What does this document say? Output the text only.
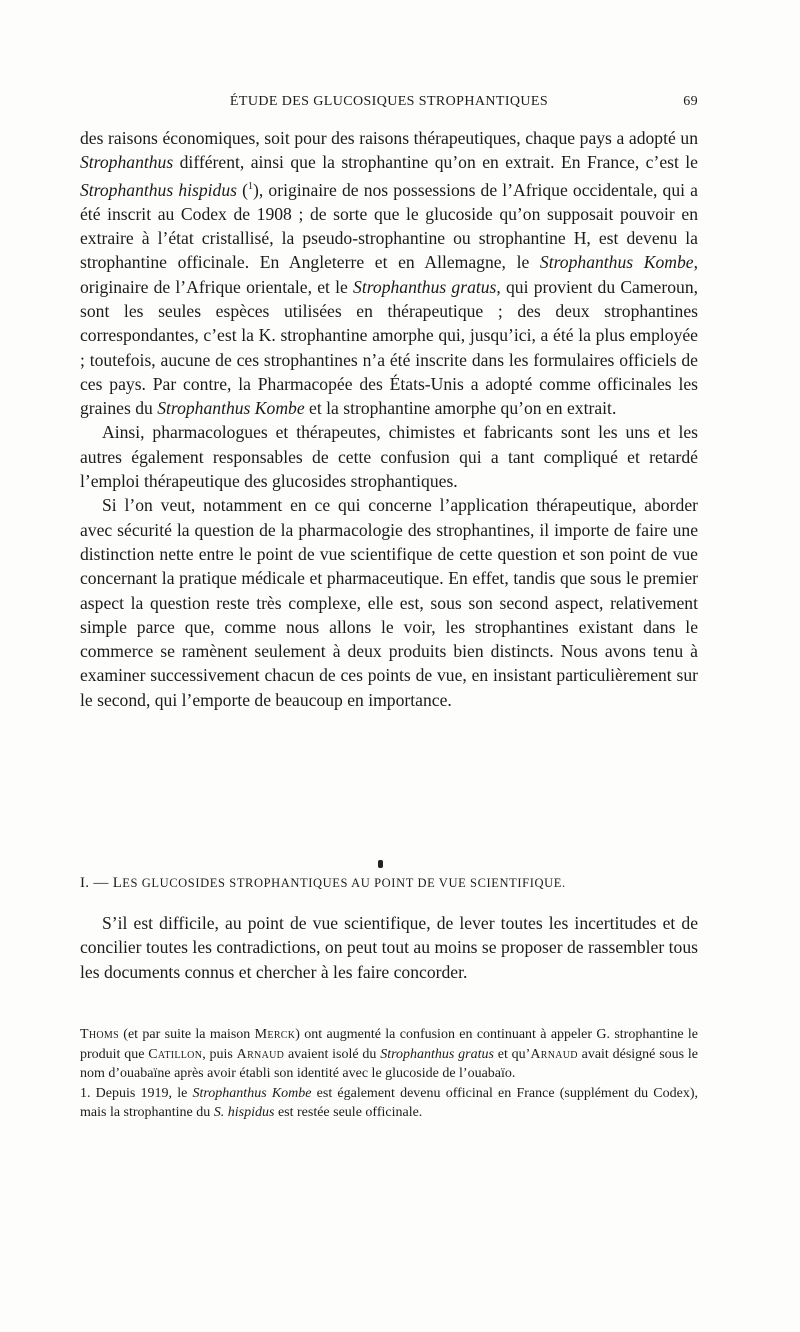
ÉTUDE DES GLUCOSIQUES STROPHANTIQUES	69

des raisons économiques, soit pour des raisons thérapeutiques, chaque pays a adopté un Strophanthus différent, ainsi que la strophantine qu’on en extrait. En France, c’est le Strophanthus hispidus ($^1$), originaire de nos possessions de l’Afrique occidentale, qui a été inscrit au Codex de 1908 ; de sorte que le glucoside qu’on supposait pouvoir en extraire à l’état cristallisé, la pseudo-strophantine ou strophantine H, est devenu la strophantine officinale. En Angleterre et en Allemagne, le Strophanthus Kombe, originaire de l’Afrique orientale, et le Strophanthus gratus, qui provient du Cameroun, sont les seules espèces utilisées en thérapeutique ; des deux strophantines correspondantes, c’est la K. strophantine amorphe qui, jusqu’ici, a été la plus employée ; toutefois, aucune de ces strophantines n’a été inscrite dans les formulaires officiels de ces pays. Par contre, la Pharmacopée des États-Unis a adopté comme officinales les graines du Strophanthus Kombe et la strophantine amorphe qu’on en extrait.

Ainsi, pharmacologues et thérapeutes, chimistes et fabricants sont les uns et les autres également responsables de cette confusion qui a tant compliqué et retardé l’emploi thérapeutique des glucosides strophantiques.

Si l’on veut, notamment en ce qui concerne l’application thérapeutique, aborder avec sécurité la question de la pharmacologie des strophantines, il importe de faire une distinction nette entre le point de vue scientifique de cette question et son point de vue concernant la pratique médicale et pharmaceutique. En effet, tandis que sous le premier aspect la question reste très complexe, elle est, sous son second aspect, relativement simple parce que, comme nous allons le voir, les strophantines existant dans le commerce se ramènent seulement à deux produits bien distincts. Nous avons tenu à examiner successivement chacun de ces points de vue, en insistant particulièrement sur le second, qui l’emporte de beaucoup en importance.

I. — LES GLUCOSIDES STROPHANTIQUES AU POINT DE VUE SCIENTIFIQUE.

S’il est difficile, au point de vue scientifique, de lever toutes les incertitudes et de concilier toutes les contradictions, on peut tout au moins se proposer de rassembler tous les documents connus et chercher à les faire concorder.

Thoms (et par suite la maison Merck) ont augmenté la confusion en continuant à appeler G. strophantine le produit que Catillon, puis Arnaud avaient isolé du Strophanthus gratus et qu’Arnaud avait désigné sous le nom d’ouabaïne après avoir établi son identité avec le glucoside de l’ouabaïo.

1. Depuis 1919, le Strophanthus Kombe est également devenu officinal en France (supplément du Codex), mais la strophantine du S. hispidus est restée seule officinale.
